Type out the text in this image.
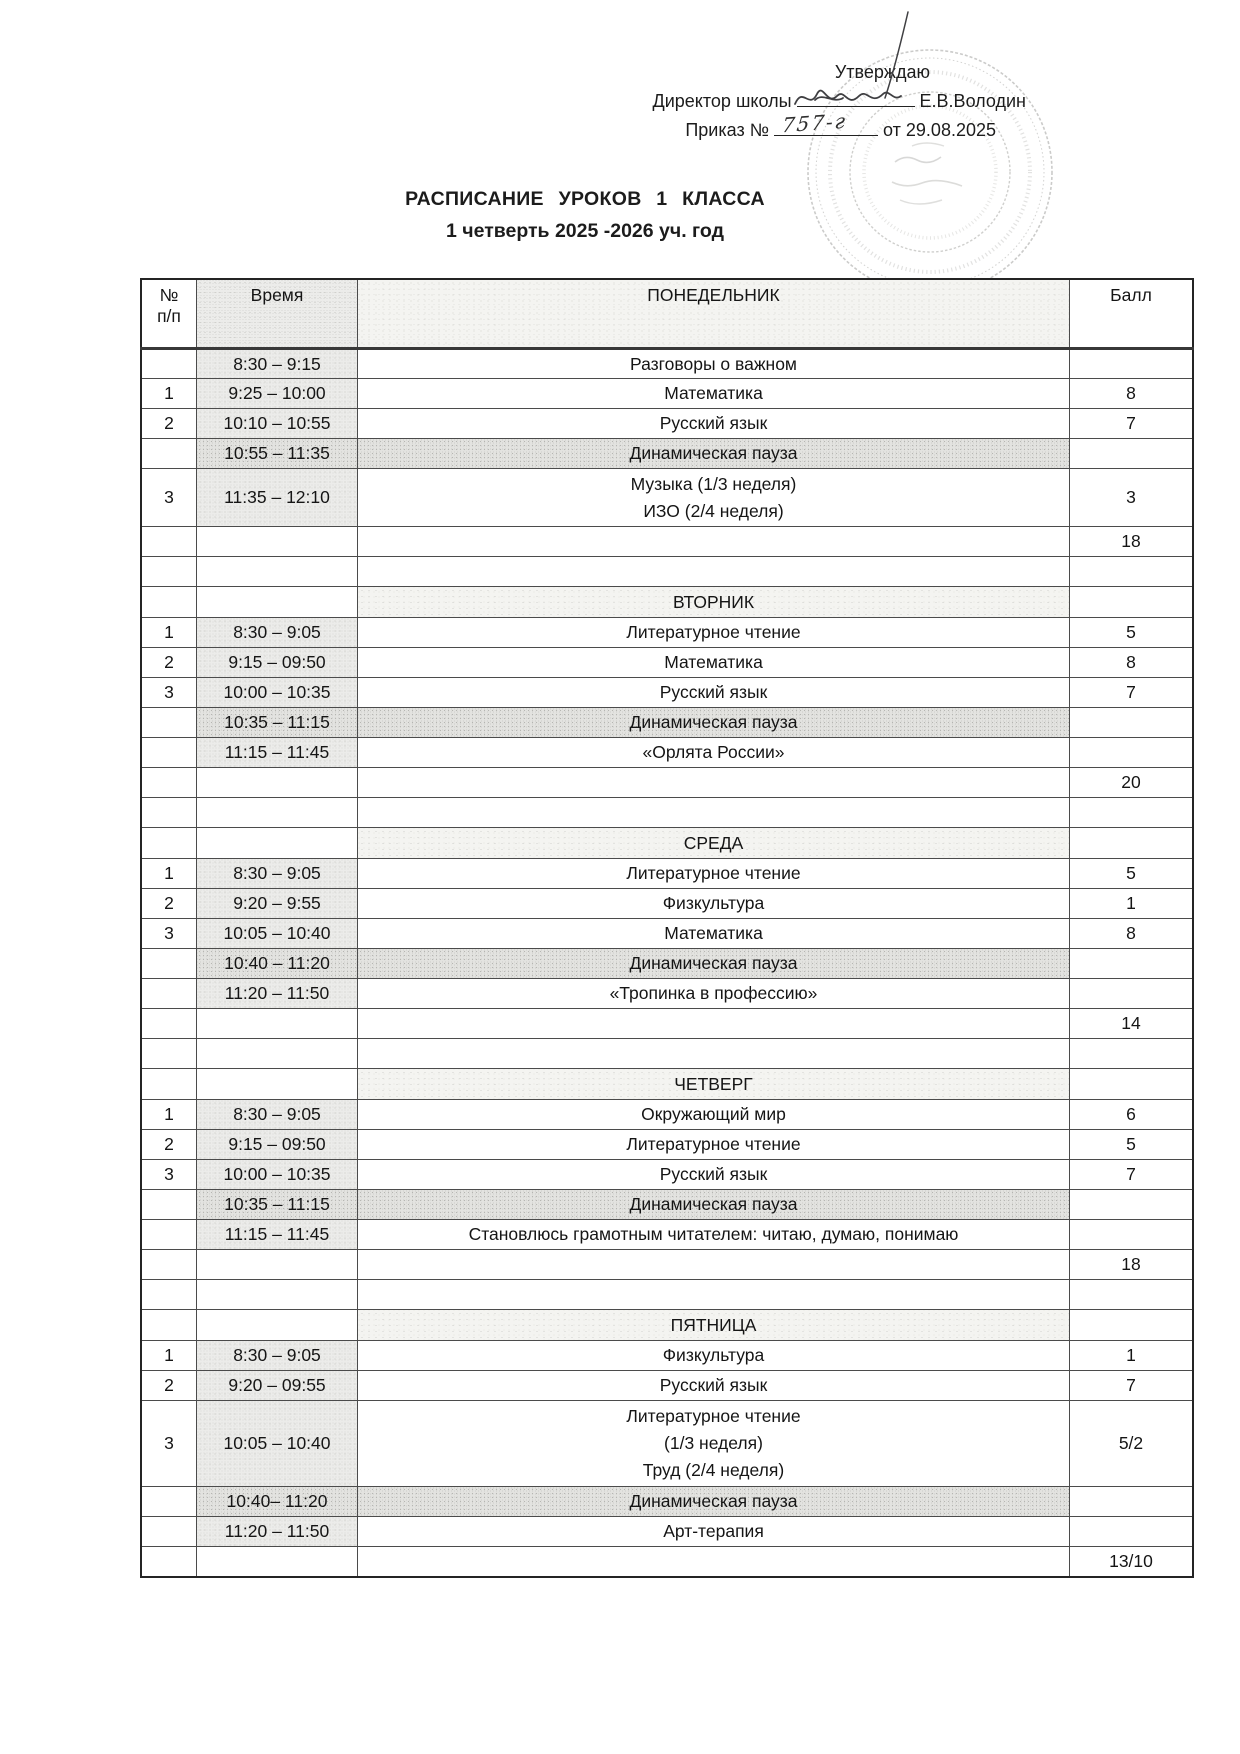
Утверждаю
Директор школы	Е.В.Володин
Приказ № 757-г от 29.08.2025
РАСПИСАНИЕ УРОКОВ 1 КЛАССА
1 четверть 2025 -2026 уч. год
№
п/п	Время	ПОНЕДЕЛЬНИК	Балл

	8:30 – 9:15	Разговоры о важном	

1	9:25 – 10:00	Математика	8

2	10:10 – 10:55	Русский язык	7

	10:55 – 11:35	Динамическая пауза	

3	11:35 – 12:10	Музыка (1/3 неделя)
ИЗО (2/4 неделя)	3

			18

		ВТОРНИК	

1	8:30 – 9:05	Литературное чтение	5

2	9:15 – 09:50	Математика	8

3	10:00 – 10:35	Русский язык	7

	10:35 – 11:15	Динамическая пауза	

	11:15 – 11:45	«Орлята России»	

			20

		СРЕДА	

1	8:30 – 9:05	Литературное чтение	5

2	9:20 – 9:55	Физкультура	1

3	10:05 – 10:40	Математика	8

	10:40 – 11:20	Динамическая пауза	

	11:20 – 11:50	«Тропинка в профессию»	

			14

		ЧЕТВЕРГ	

1	8:30 – 9:05	Окружающий мир	6

2	9:15 – 09:50	Литературное чтение	5

3	10:00 – 10:35	Русский язык	7

	10:35 – 11:15	Динамическая пауза	

	11:15 – 11:45	Становлюсь грамотным читателем: читаю, думаю, понимаю	

			18

		ПЯТНИЦА	

1	8:30 – 9:05	Физкультура	1

2	9:20 – 09:55	Русский язык	7

3	10:05 – 10:40	Литературное чтение
(1/3 неделя)
Труд (2/4 неделя)	5/2

	10:40– 11:20	Динамическая пауза	

	11:20 – 11:50	Арт-терапия	

			13/10
